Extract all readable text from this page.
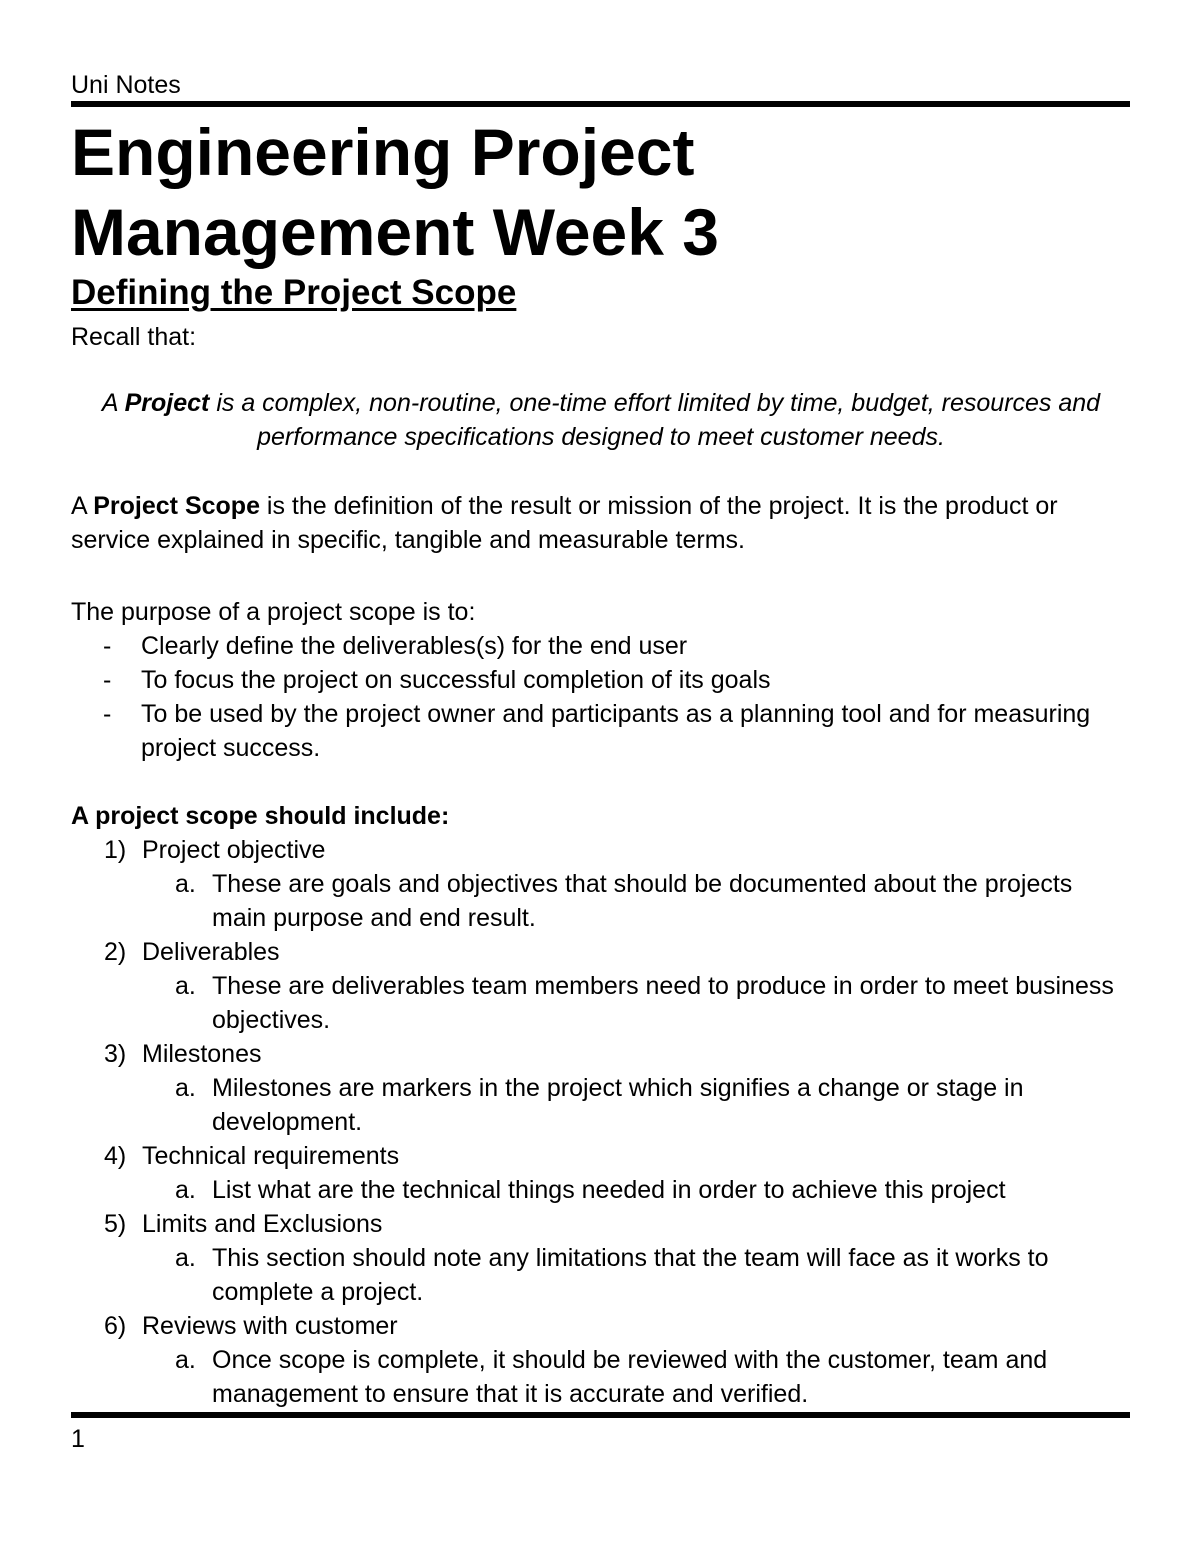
Uni Notes
Engineering Project Management Week 3
Defining the Project Scope
Recall that:
A Project is a complex, non-routine, one-time effort limited by time, budget, resources and performance specifications designed to meet customer needs.
A Project Scope is the definition of the result or mission of the project. It is the product or service explained in specific, tangible and measurable terms.
The purpose of a project scope is to:
- Clearly define the deliverables(s) for the end user
- To focus the project on successful completion of its goals
- To be used by the project owner and participants as a planning tool and for measuring project success.
A project scope should include:
1) Project objective
a. These are goals and objectives that should be documented about the projects main purpose and end result.
2) Deliverables
a. These are deliverables team members need to produce in order to meet business objectives.
3) Milestones
a. Milestones are markers in the project which signifies a change or stage in development.
4) Technical requirements
a. List what are the technical things needed in order to achieve this project
5) Limits and Exclusions
a. This section should note any limitations that the team will face as it works to complete a project.
6) Reviews with customer
a. Once scope is complete, it should be reviewed with the customer, team and management to ensure that it is accurate and verified.
1
